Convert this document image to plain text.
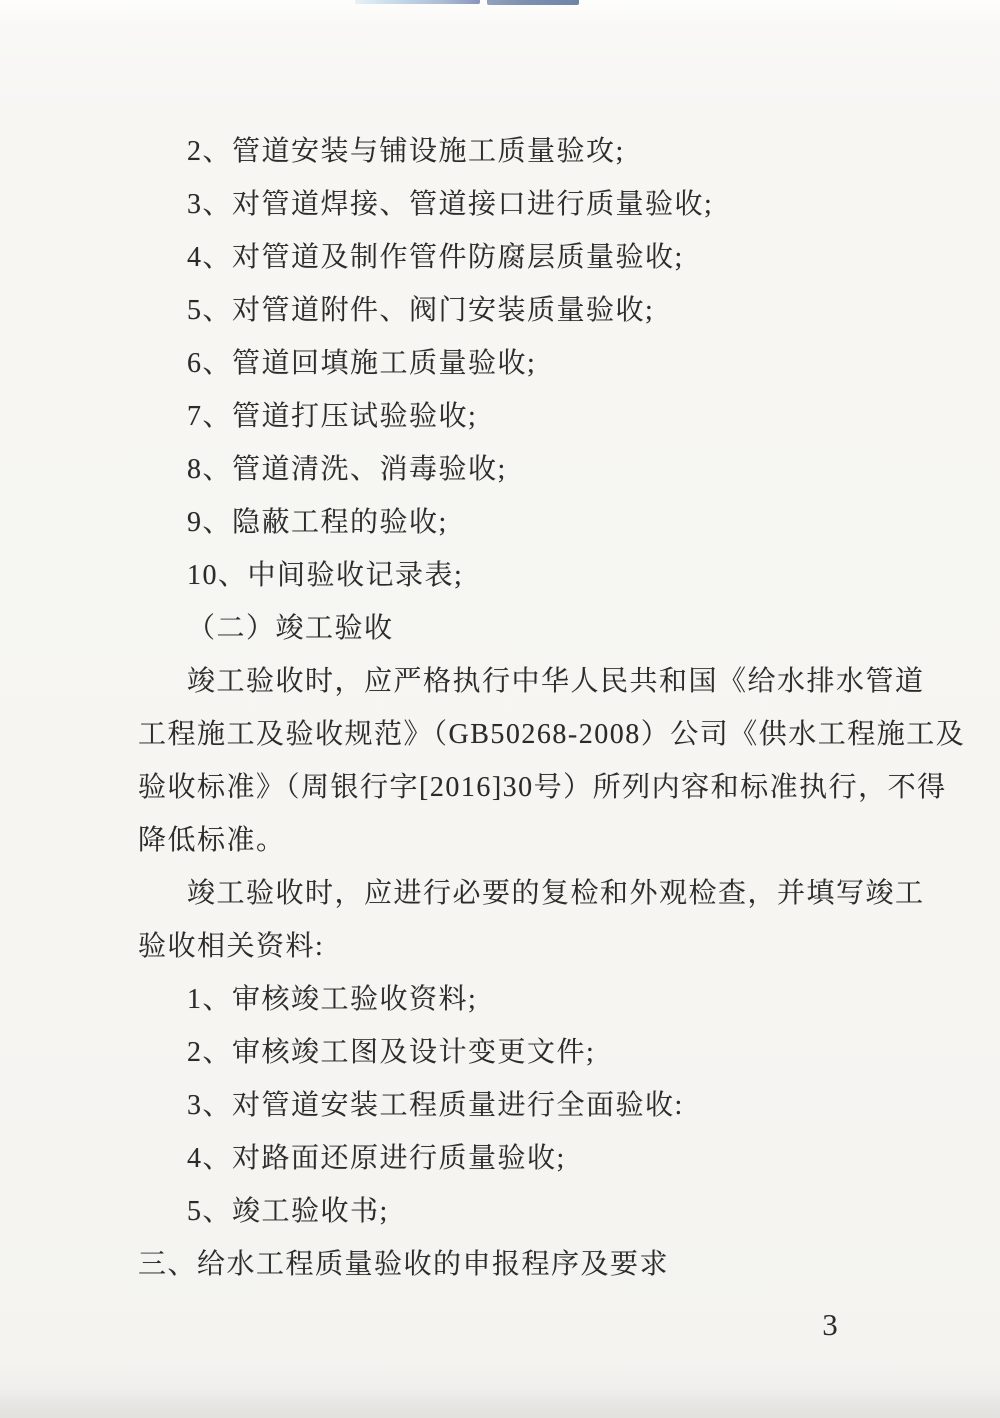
2、管道安装与铺设施工质量验攻;
3、对管道焊接、管道接口进行质量验收;
4、对管道及制作管件防腐层质量验收;
5、对管道附件、阀门安装质量验收;
6、管道回填施工质量验收;
7、管道打压试验验收;
8、管道清洗、消毒验收;
9、隐蔽工程的验收;
10、中间验收记录表;
（二）竣工验收
竣工验收时，应严格执行中华人民共和国《给水排水管道
工程施工及验收规范》（GB50268-2008）公司《供水工程施工及
验收标准》（周银行字[2016]30号）所列内容和标准执行，不得
降低标准。
竣工验收时，应进行必要的复检和外观检查，并填写竣工
验收相关资料:
1、审核竣工验收资料;
2、审核竣工图及设计变更文件;
3、对管道安装工程质量进行全面验收:
4、对路面还原进行质量验收;
5、竣工验收书;
三、给水工程质量验收的申报程序及要求
3
